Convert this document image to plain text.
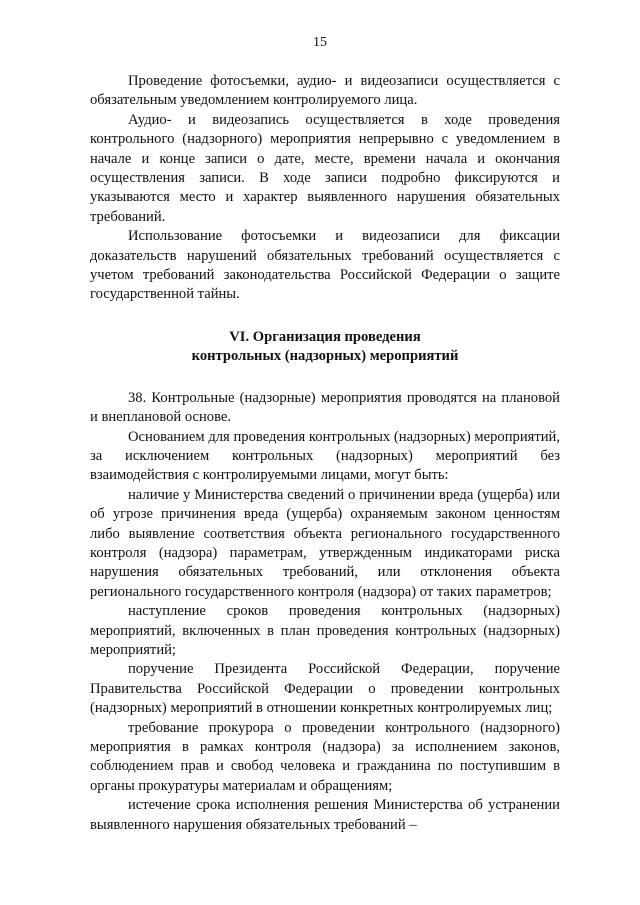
15

Проведение фотосъемки, аудио- и видеозаписи осуществляется с обязательным уведомлением контролируемого лица.

Аудио- и видеозапись осуществляется в ходе проведения контрольного (надзорного) мероприятия непрерывно с уведомлением в начале и конце записи о дате, месте, времени начала и окончания осуществления записи. В ходе записи подробно фиксируются и указываются место и характер выявленного нарушения обязательных требований.

Использование фотосъемки и видеозаписи для фиксации доказательств нарушений обязательных требований осуществляется с учетом требований законодательства Российской Федерации о защите государственной тайны.

VI. Организация проведения
контрольных (надзорных) мероприятий

38. Контрольные (надзорные) мероприятия проводятся на плановой и внеплановой основе.

Основанием для проведения контрольных (надзорных) мероприятий, за исключением контрольных (надзорных) мероприятий без взаимодействия с контролируемыми лицами, могут быть:

наличие у Министерства сведений о причинении вреда (ущерба) или об угрозе причинения вреда (ущерба) охраняемым законом ценностям либо выявление соответствия объекта регионального государственного контроля (надзора) параметрам, утвержденным индикаторами риска нарушения обязательных требований, или отклонения объекта регионального государственного контроля (надзора) от таких параметров;

наступление сроков проведения контрольных (надзорных) мероприятий, включенных в план проведения контрольных (надзорных) мероприятий;

поручение Президента Российской Федерации, поручение Правительства Российской Федерации о проведении контрольных (надзорных) мероприятий в отношении конкретных контролируемых лиц;

требование прокурора о проведении контрольного (надзорного) мероприятия в рамках контроля (надзора) за исполнением законов, соблюдением прав и свобод человека и гражданина по поступившим в органы прокуратуры материалам и обращениям;

истечение срока исполнения решения Министерства об устранении выявленного нарушения обязательных требований –
